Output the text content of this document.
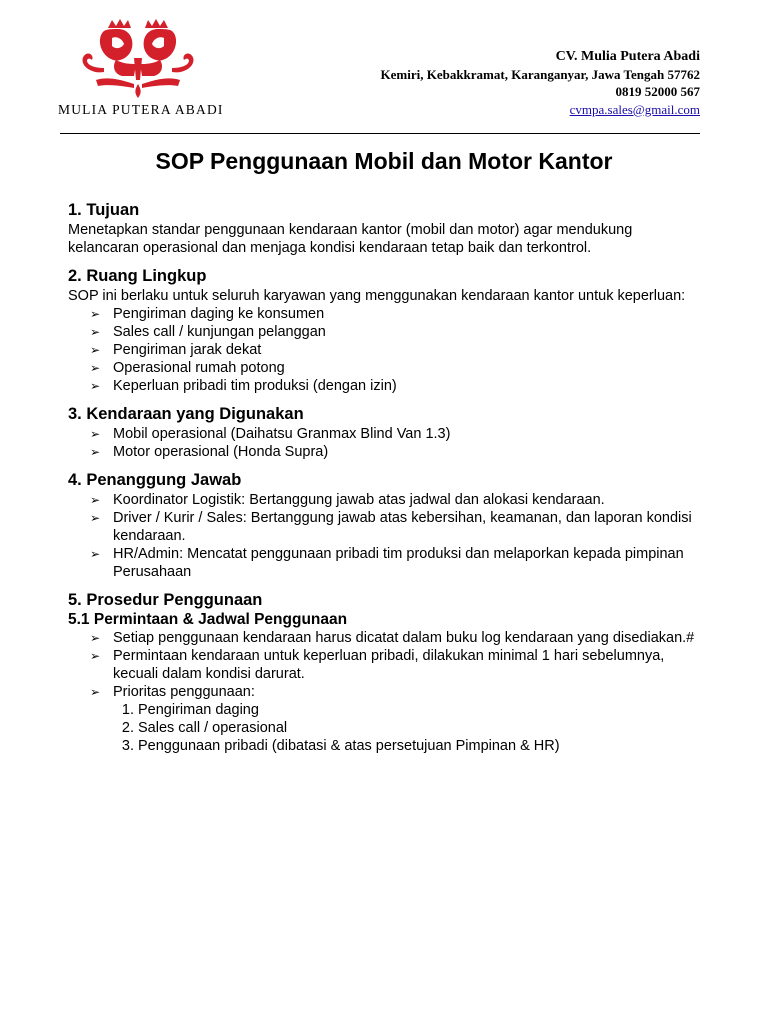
MULIA PUTERA ABADI
CV. Mulia Putera Abadi
Kemiri, Kebakkramat, Karanganyar, Jawa Tengah 57762
0819 52000 567
cvmpa.sales@gmail.com
SOP Penggunaan Mobil dan Motor Kantor
1. Tujuan
Menetapkan standar penggunaan kendaraan kantor (mobil dan motor) agar mendukung kelancaran operasional dan menjaga kondisi kendaraan tetap baik dan terkontrol.
2. Ruang Lingkup
SOP ini berlaku untuk seluruh karyawan yang menggunakan kendaraan kantor untuk keperluan:
➢ Pengiriman daging ke konsumen
➢ Sales call / kunjungan pelanggan
➢ Pengiriman jarak dekat
➢ Operasional rumah potong
➢ Keperluan pribadi tim produksi (dengan izin)
3. Kendaraan yang Digunakan
➢ Mobil operasional (Daihatsu Granmax Blind Van 1.3)
➢ Motor operasional (Honda Supra)
4. Penanggung Jawab
➢ Koordinator Logistik: Bertanggung jawab atas jadwal dan alokasi kendaraan.
➢ Driver / Kurir / Sales: Bertanggung jawab atas kebersihan, keamanan, dan laporan kondisi kendaraan.
➢ HR/Admin: Mencatat penggunaan pribadi tim produksi dan melaporkan kepada pimpinan Perusahaan
5. Prosedur Penggunaan
5.1 Permintaan & Jadwal Penggunaan
➢ Setiap penggunaan kendaraan harus dicatat dalam buku log kendaraan yang disediakan.#
➢ Permintaan kendaraan untuk keperluan pribadi, dilakukan minimal 1 hari sebelumnya, kecuali dalam kondisi darurat.
➢ Prioritas penggunaan:
1. Pengiriman daging
2. Sales call / operasional
3. Penggunaan pribadi (dibatasi & atas persetujuan Pimpinan & HR)
